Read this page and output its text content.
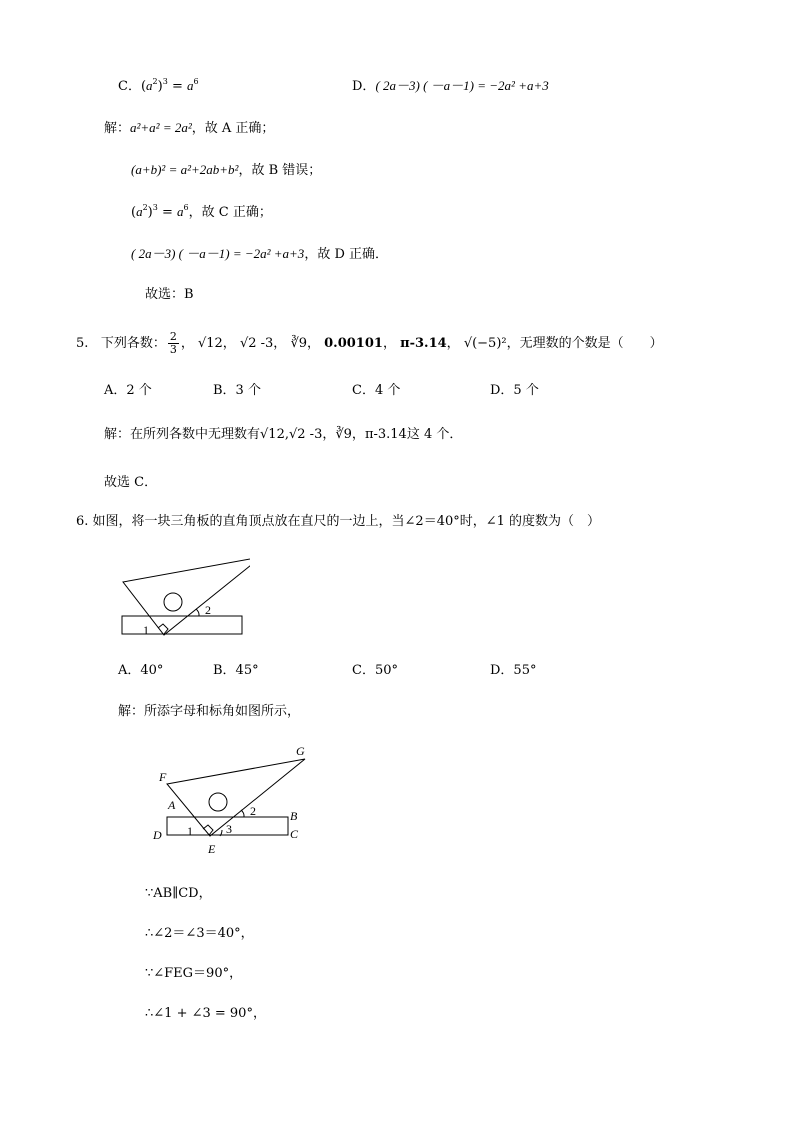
C．$(a^2)^3 = a^6$	D．( 2a－3) ( －a－1) = −2a² +a+3
解：a²+a² = 2a²，故 A 正确；
(a+b)² = a²+2ab+b²，故 B 错误；
$(a^2)^3 = a^6$，故 C 正确；
( 2a－3) ( －a－1) = −2a² +a+3，故 D 正确．
故选：B
5. 下列各数： $\frac{2}{3}$ ， √12， √2 -3， ∛9， 0.00101， π-3.14， √(−5)²，无理数的个数是（　　）
A．2 个	B．3 个	C．4 个	D．5 个
解：在所列各数中无理数有√12,√2 -3，∛9，π-3.14这 4 个．
故选 C．
6. 如图，将一块三角板的直角顶点放在直尺的一边上，当∠2＝40°时，∠1 的度数为（　）
1
2
A．40°	B．45°	C．50°	D．55°
解：所添字母和标角如图所示，
F
G
A
B
C
D
E
1
2
3
∵AB∥CD，
∴∠2＝∠3＝40°，
∵∠FEG＝90°，
∴∠1 + ∠3 = 90°，
